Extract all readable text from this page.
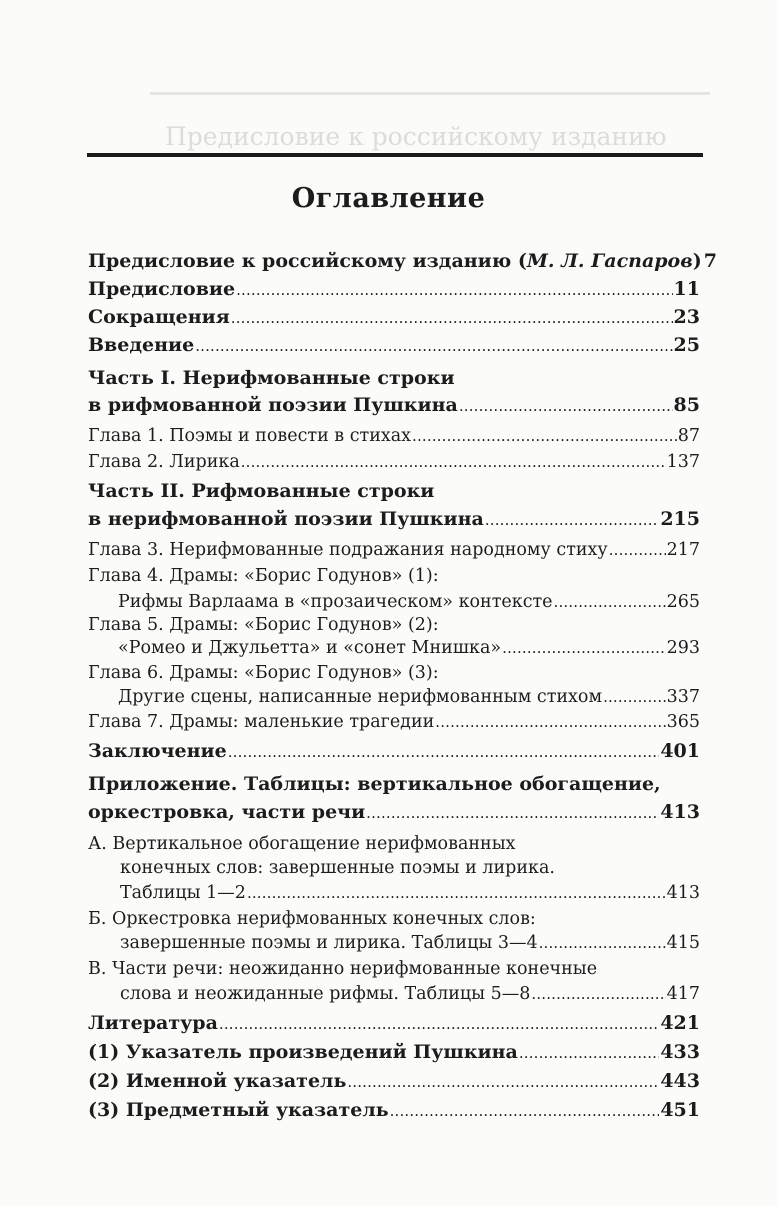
Предисловие к российскому изданию
Оглавление
Предисловие к российскому изданию (М. Л. Гаспаров) 7
Предисловие . . .	11
Сокращения . . .	23
Введение . . .	25
Часть I. Нерифмованные строки
в рифмованной поэзии Пушкина . . .	85
Глава 1. Поэмы и повести в стихах . . .	87
Глава 2. Лирика . . .	137
Часть II. Рифмованные строки
в нерифмованной поэзии Пушкина . . .	215
Глава 3. Нерифмованные подражания народному стиху . . .	217
Глава 4. Драмы: «Борис Годунов» (1):
Рифмы Варлаама в «прозаическом» контексте . . .	265
Глава 5. Драмы: «Борис Годунов» (2):
«Ромео и Джульетта» и «сонет Мнишка» . . .	293
Глава 6. Драмы: «Борис Годунов» (3):
Другие сцены, написанные нерифмованным стихом . . .	337
Глава 7. Драмы: маленькие трагедии . . .	365
Заключение . . .	401
Приложение. Таблицы: вертикальное обогащение,
оркестровка, части речи . . .	413
А. Вертикальное обогащение нерифмованных
конечных слов: завершенные поэмы и лирика.
Таблицы 1—2 . . .	413
Б. Оркестровка нерифмованных конечных слов:
завершенные поэмы и лирика. Таблицы 3—4 . . .	415
В. Части речи: неожиданно нерифмованные конечные
слова и неожиданные рифмы. Таблицы 5—8 . . .	417
Литература . . .	421
(1) Указатель произведений Пушкина . . .	433
(2) Именной указатель . . .	443
(3) Предметный указатель . . .	451
